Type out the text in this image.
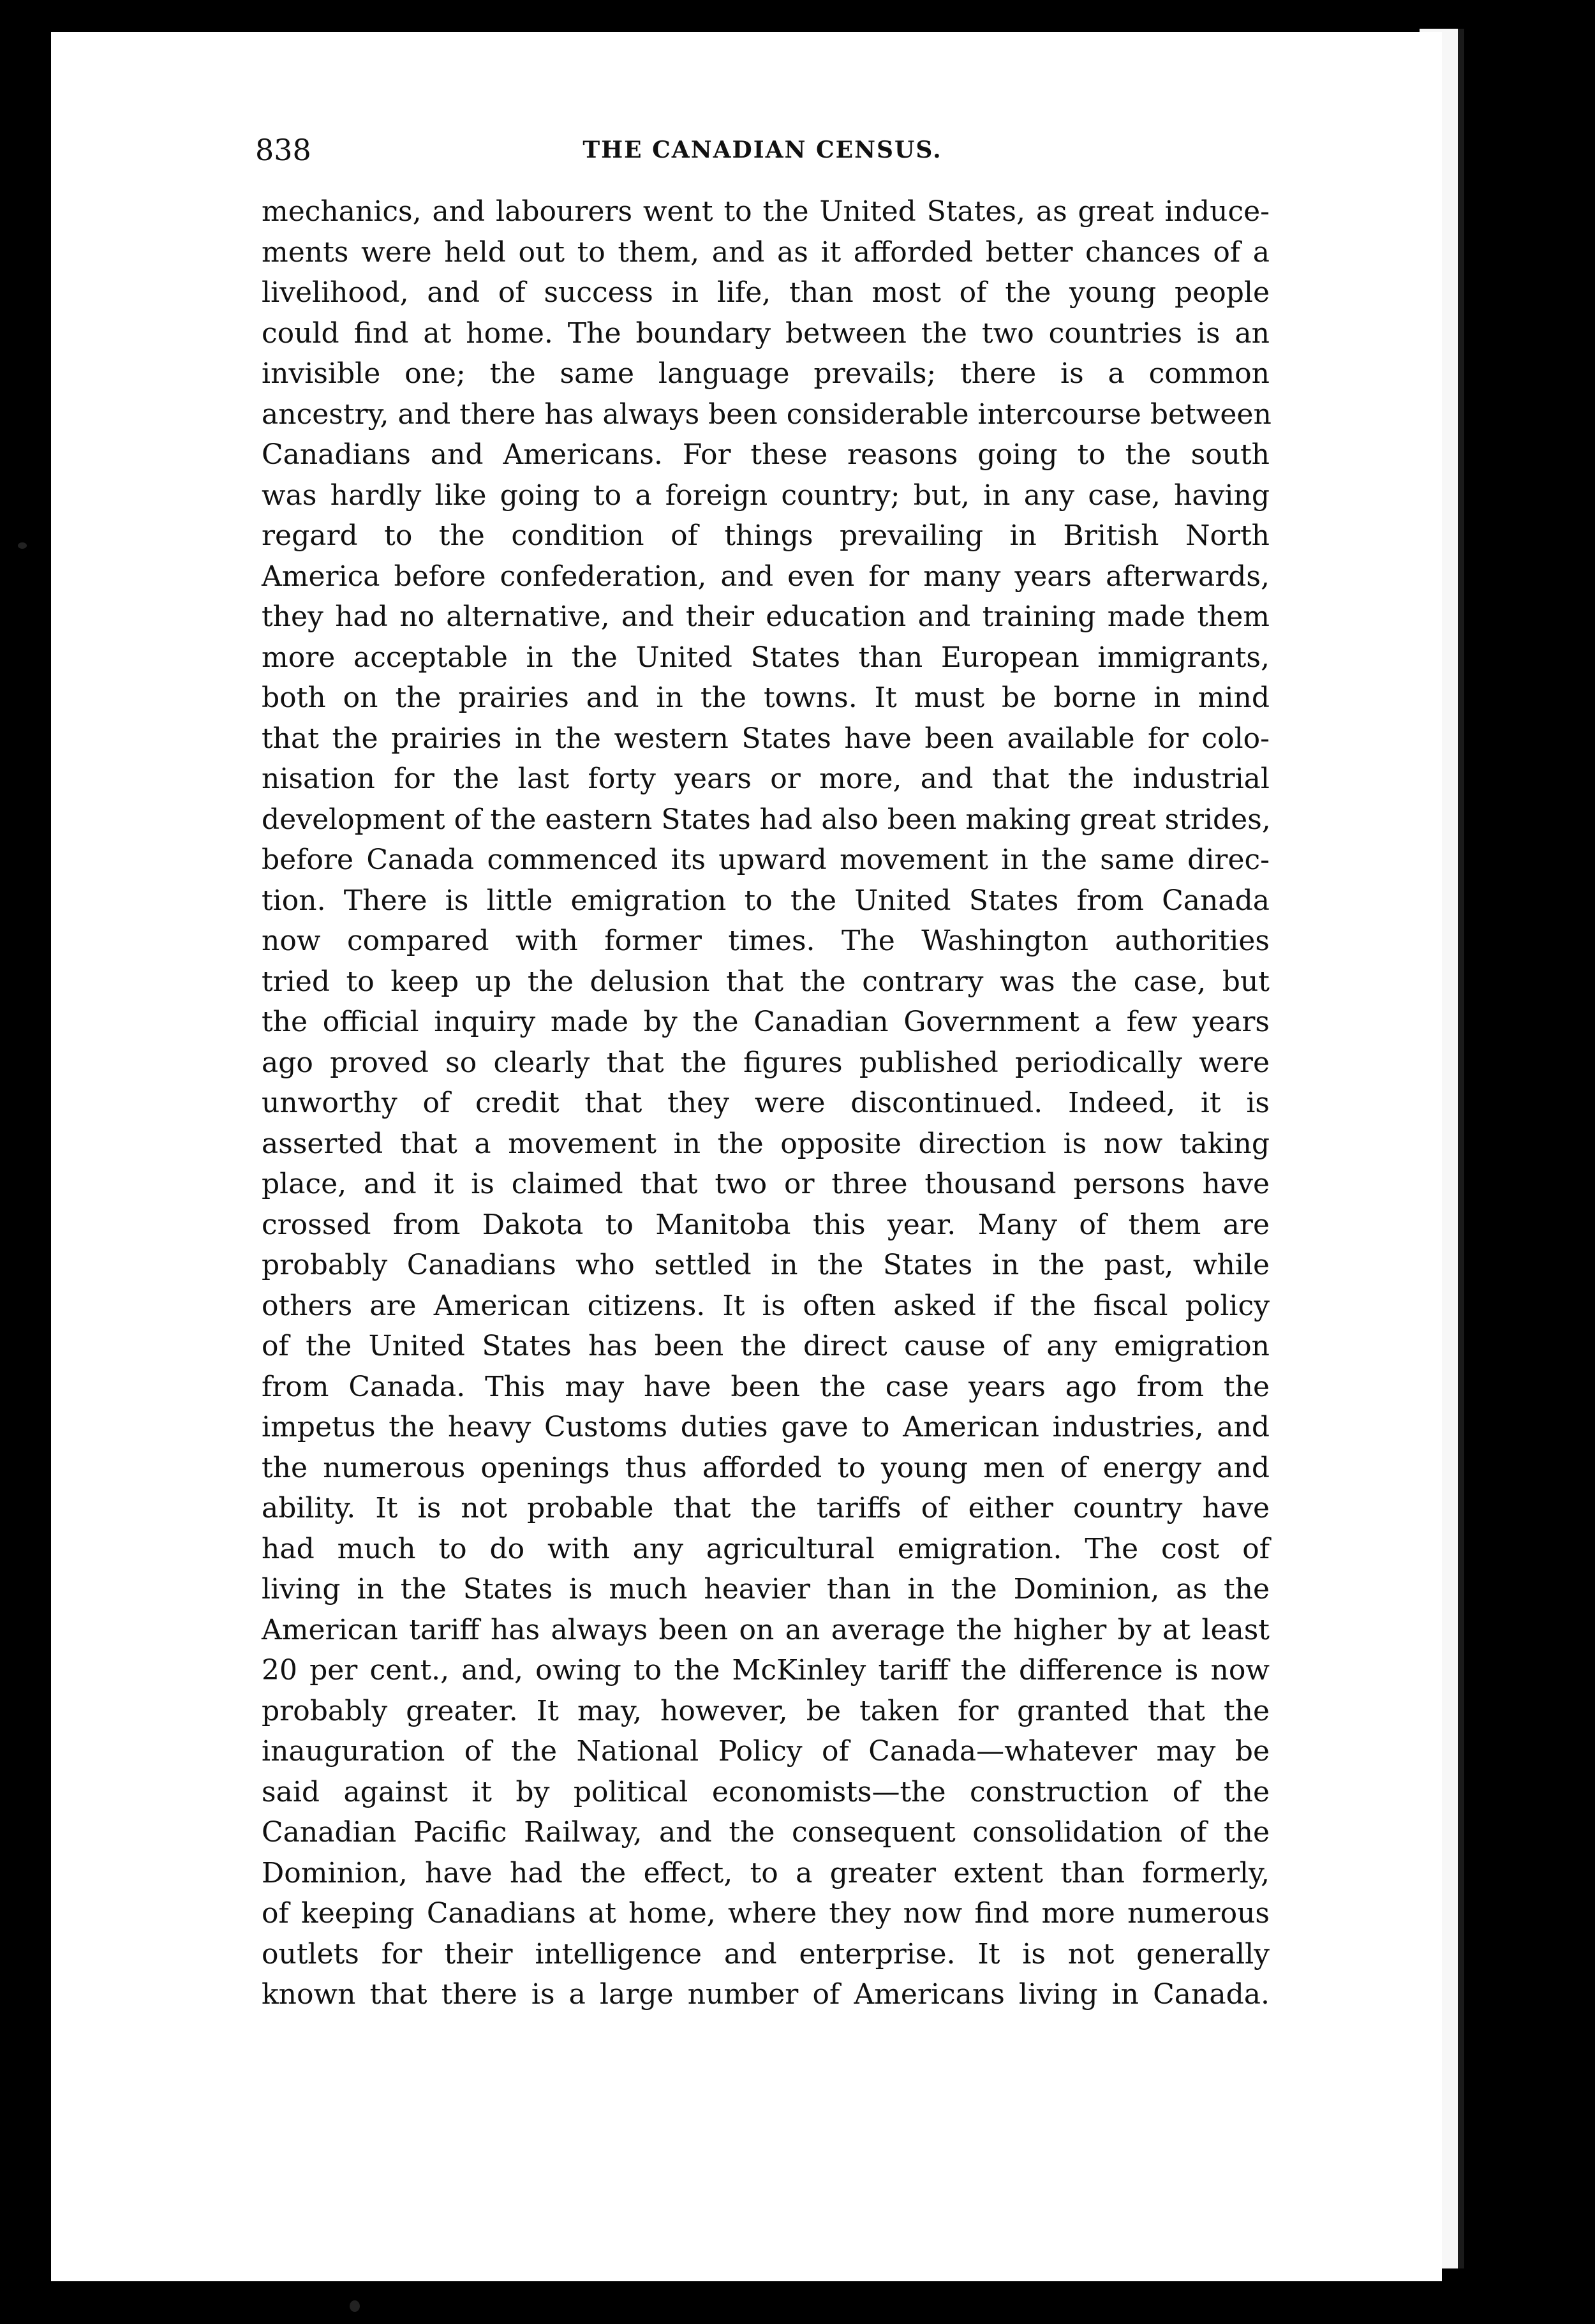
838	THE CANADIAN CENSUS.

mechanics, and labourers went to the United States, as great induce-
ments were held out to them, and as it afforded better chances of a
livelihood, and of success in life, than most of the young people
could find at home. The boundary between the two countries is an
invisible one; the same language prevails; there is a common
ancestry, and there has always been considerable intercourse between
Canadians and Americans. For these reasons going to the south
was hardly like going to a foreign country; but, in any case, having
regard to the condition of things prevailing in British North
America before confederation, and even for many years afterwards,
they had no alternative, and their education and training made them
more acceptable in the United States than European immigrants,
both on the prairies and in the towns. It must be borne in mind
that the prairies in the western States have been available for colo-
nisation for the last forty years or more, and that the industrial
development of the eastern States had also been making great strides,
before Canada commenced its upward movement in the same direc-
tion. There is little emigration to the United States from Canada
now compared with former times. The Washington authorities
tried to keep up the delusion that the contrary was the case, but
the official inquiry made by the Canadian Government a few years
ago proved so clearly that the figures published periodically were
unworthy of credit that they were discontinued. Indeed, it is
asserted that a movement in the opposite direction is now taking
place, and it is claimed that two or three thousand persons have
crossed from Dakota to Manitoba this year. Many of them are
probably Canadians who settled in the States in the past, while
others are American citizens. It is often asked if the fiscal policy
of the United States has been the direct cause of any emigration
from Canada. This may have been the case years ago from the
impetus the heavy Customs duties gave to American industries, and
the numerous openings thus afforded to young men of energy and
ability. It is not probable that the tariffs of either country have
had much to do with any agricultural emigration. The cost of
living in the States is much heavier than in the Dominion, as the
American tariff has always been on an average the higher by at least
20 per cent., and, owing to the McKinley tariff the difference is now
probably greater. It may, however, be taken for granted that the
inauguration of the National Policy of Canada—whatever may be
said against it by political economists—the construction of the
Canadian Pacific Railway, and the consequent consolidation of the
Dominion, have had the effect, to a greater extent than formerly,
of keeping Canadians at home, where they now find more numerous
outlets for their intelligence and enterprise. It is not generally
known that there is a large number of Americans living in Canada.
